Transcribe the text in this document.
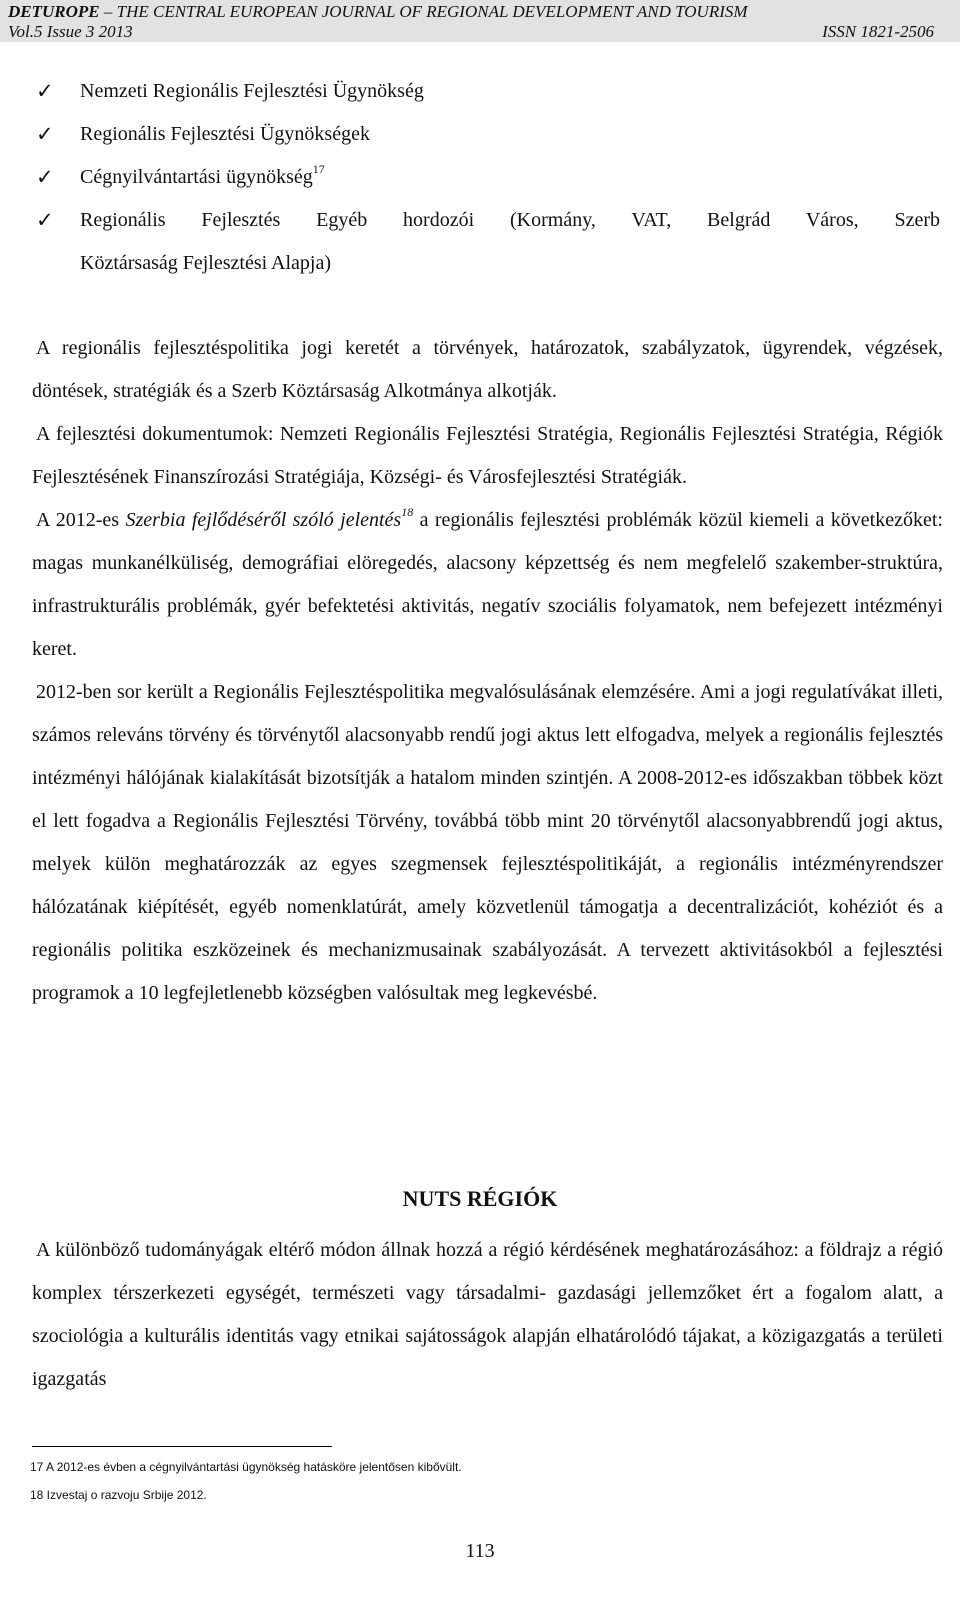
DETUROPE – THE CENTRAL EUROPEAN JOURNAL OF REGIONAL DEVELOPMENT AND TOURISM
Vol.5 Issue 3 2013	ISSN 1821-2506
✓ Nemzeti Regionális Fejlesztési Ügynökség
✓ Regionális Fejlesztési Ügynökségek
✓ Cégnyilvántartási ügynökség$^{17}$
✓ Regionális Fejlesztés Egyéb hordozói (Kormány, VAT, Belgrád Város, Szerb
Köztársaság Fejlesztési Alapja)

A regionális fejlesztéspolitika jogi keretét a törvények, határozatok, szabályzatok, ügyrendek, végzések, döntések, stratégiák és a Szerb Köztársaság Alkotmánya alkotják.

A fejlesztési dokumentumok: Nemzeti Regionális Fejlesztési Stratégia, Regionális Fejlesztési Stratégia, Régiók Fejlesztésének Finanszírozási Stratégiája, Községi- és Városfejlesztési Stratégiák.

A 2012-es Szerbia fejlődéséről szóló jelentés$^{18}$ a regionális fejlesztési problémák közül kiemeli a következőket: magas munkanélküliség, demográfiai elöregedés, alacsony képzettség és nem megfelelő szakember-struktúra, infrastrukturális problémák, gyér befektetési aktivitás, negatív szociális folyamatok, nem befejezett intézményi keret.

2012-ben sor került a Regionális Fejlesztéspolitika megvalósulásának elemzésére. Ami a jogi regulatívákat illeti, számos releváns törvény és törvénytől alacsonyabb rendű jogi aktus lett elfogadva, melyek a regionális fejlesztés intézményi hálójának kialakítását bizotsítják a hatalom minden szintjén. A 2008-2012-es időszakban többek közt el lett fogadva a Regionális Fejlesztési Törvény, továbbá több mint 20 törvénytől alacsonyabbrendű jogi aktus, melyek külön meghatározzák az egyes szegmensek fejlesztéspolitikáját, a regionális intézményrendszer hálózatának kiépítését, egyéb nomenklatúrát, amely közvetlenül támogatja a decentralizációt, kohéziót és a regionális politika eszközeinek és mechanizmusainak szabályozását. A tervezett aktivitásokból a fejlesztési programok a 10 legfejletlenebb községben valósultak meg legkevésbé.

NUTS RÉGIÓK

A különböző tudományágak eltérő módon állnak hozzá a régió kérdésének meghatározásához: a földrajz a régió komplex térszerkezeti egységét, természeti vagy társadalmi- gazdasági jellemzőket ért a fogalom alatt, a szociológia a kulturális identitás vagy etnikai sajátosságok alapján elhatárolódó tájakat, a közigazgatás a területi igazgatás

17 A 2012-es évben a cégnyilvántartási ügynökség hatásköre jelentősen kibővült.

18 Izvestaj o razvoju Srbije 2012.

113
